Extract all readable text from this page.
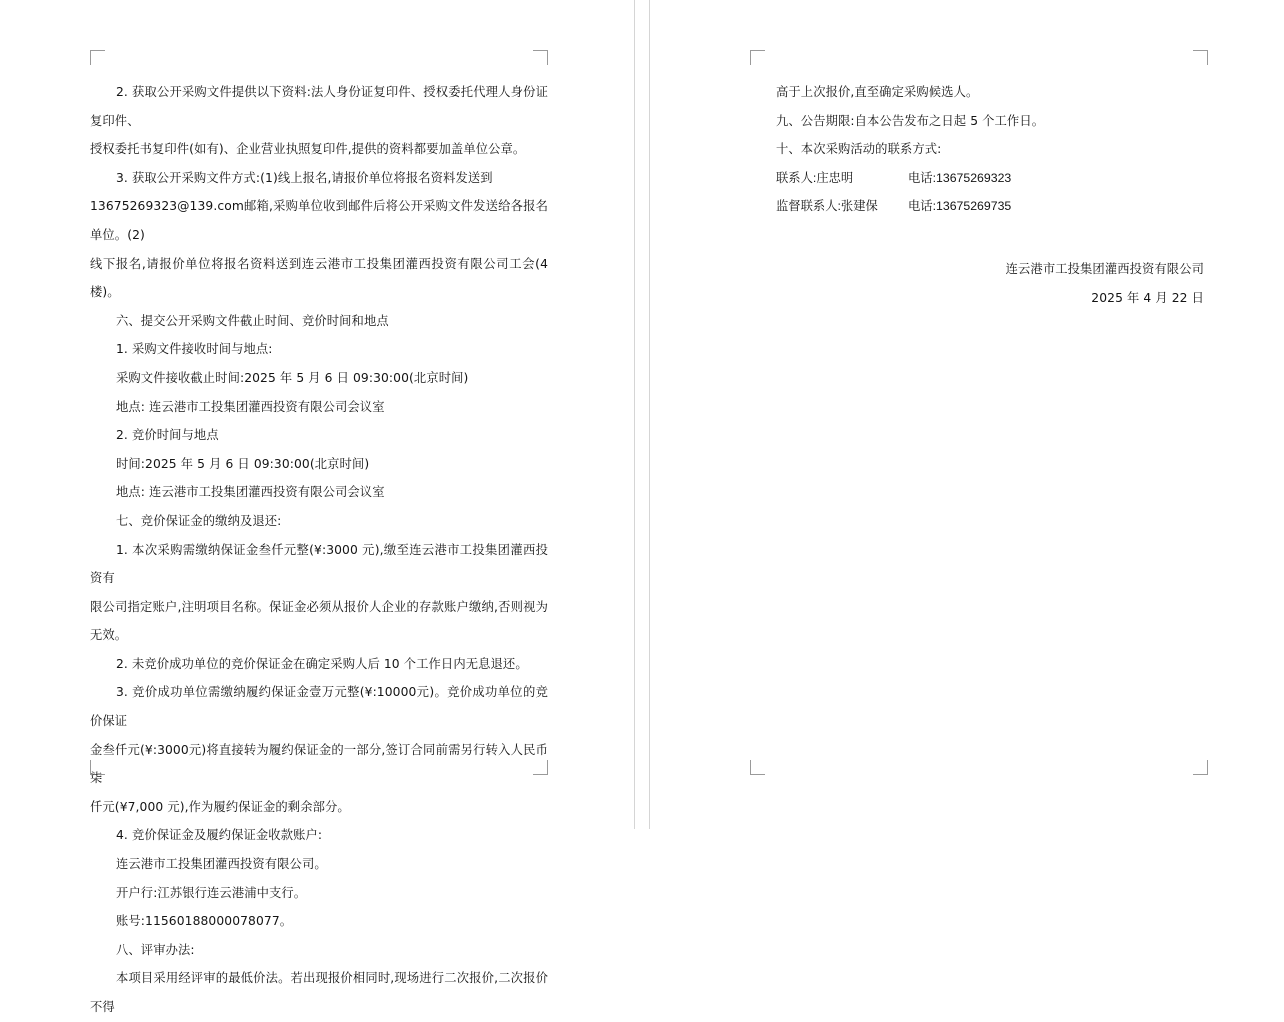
2. 获取公开采购文件提供以下资料:法人身份证复印件、授权委托代理人身份证复印件、

授权委托书复印件(如有)、企业营业执照复印件,提供的资料都要加盖单位公章。

3. 获取公开采购文件方式:(1)线上报名,请报价单位将报名资料发送到

13675269323@139.com邮箱,采购单位收到邮件后将公开采购文件发送给各报名单位。(2)

线下报名,请报价单位将报名资料送到连云港市工投集团灌西投资有限公司工会(4楼)。

六、提交公开采购文件截止时间、竞价时间和地点

1. 采购文件接收时间与地点:

采购文件接收截止时间:2025 年 5 月 6 日 09:30:00(北京时间)

地点: 连云港市工投集团灌西投资有限公司会议室

2. 竞价时间与地点

时间:2025 年 5 月 6 日 09:30:00(北京时间)

地点: 连云港市工投集团灌西投资有限公司会议室

七、竞价保证金的缴纳及退还:

1. 本次采购需缴纳保证金叁仟元整(¥:3000 元),缴至连云港市工投集团灌西投资有

限公司指定账户,注明项目名称。保证金必须从报价人企业的存款账户缴纳,否则视为无效。

2. 未竞价成功单位的竞价保证金在确定采购人后 10 个工作日内无息退还。

3. 竞价成功单位需缴纳履约保证金壹万元整(¥:10000元)。竞价成功单位的竞价保证

金叁仟元(¥:3000元)将直接转为履约保证金的一部分,签订合同前需另行转入人民币柒

仟元(¥7,000 元),作为履约保证金的剩余部分。

4. 竞价保证金及履约保证金收款账户:

连云港市工投集团灌西投资有限公司。

开户行:江苏银行连云港浦中支行。

账号:11560188000078077。

八、评审办法:

本项目采用经评审的最低价法。若出现报价相同时,现场进行二次报价,二次报价不得

高于上次报价,直至确定采购候选人。

九、公告期限:自本公告发布之日起 5 个工作日。

十、本次采购活动的联系方式:

联系人:庄忠明	电话:13675269323
监督联系人:张建保	电话:13675269735

连云港市工投集团灌西投资有限公司

2025 年 4 月 22 日
